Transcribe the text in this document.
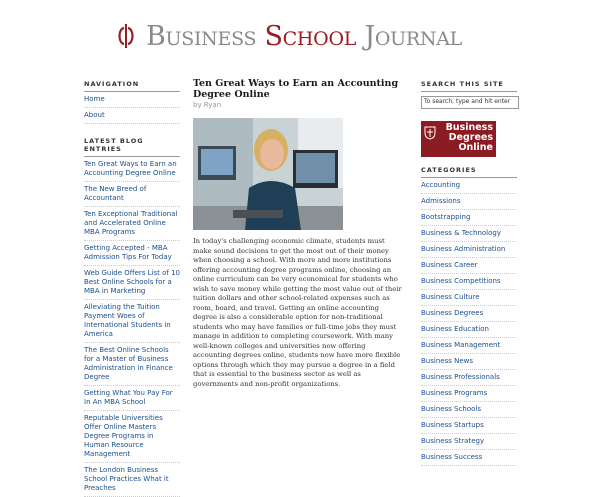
Business School Journal
NAVIGATION
Home
About
LATEST BLOG ENTRIES
Ten Great Ways to Earn an Accounting Degree Online
The New Breed of Accountant
Ten Exceptional Traditional and Accelerated Online MBA Programs
Getting Accepted - MBA Admission Tips For Today
Web Guide Offers List of 10 Best Online Schools for a MBA in Marketing
Alleviating the Tuition Payment Woes of International Students in America
The Best Online Schools for a Master of Business Administration in Finance Degree
Getting What You Pay For In An MBA School
Reputable Universities Offer Online Masters Degree Programs in Human Resource Management
The London Business School Practices What it Preaches
Ten Great Ways to Earn an Accounting Degree Online
by Ryan
In today's challenging economic climate, students must make sound decisions to get the most out of their money when choosing a school. With more and more institutions offering accounting degree programs online, choosing an online curriculum can be very economical for students who wish to save money while getting the most value out of their tuition dollars and other school-related expenses such as room, board, and travel. Getting an online accounting degree is also a considerable option for non-traditional students who may have families or full-time jobs they must manage in addition to completing coursework. With many well-known colleges and universities now offering accounting degrees online, students now have more flexible options through which they may pursue a degree in a field that is essential to the business sector as well as governments and non-profit organizations.
SEARCH THIS SITE
To search, type and hit enter
Business
Degrees
Online
CATEGORIES
Accounting
Admissions
Bootstrapping
Business & Technology
Business Administration
Business Career
Business Competitions
Business Culture
Business Degrees
Business Education
Business Management
Business News
Business Professionals
Business Programs
Business Schools
Business Startups
Business Strategy
Business Success
